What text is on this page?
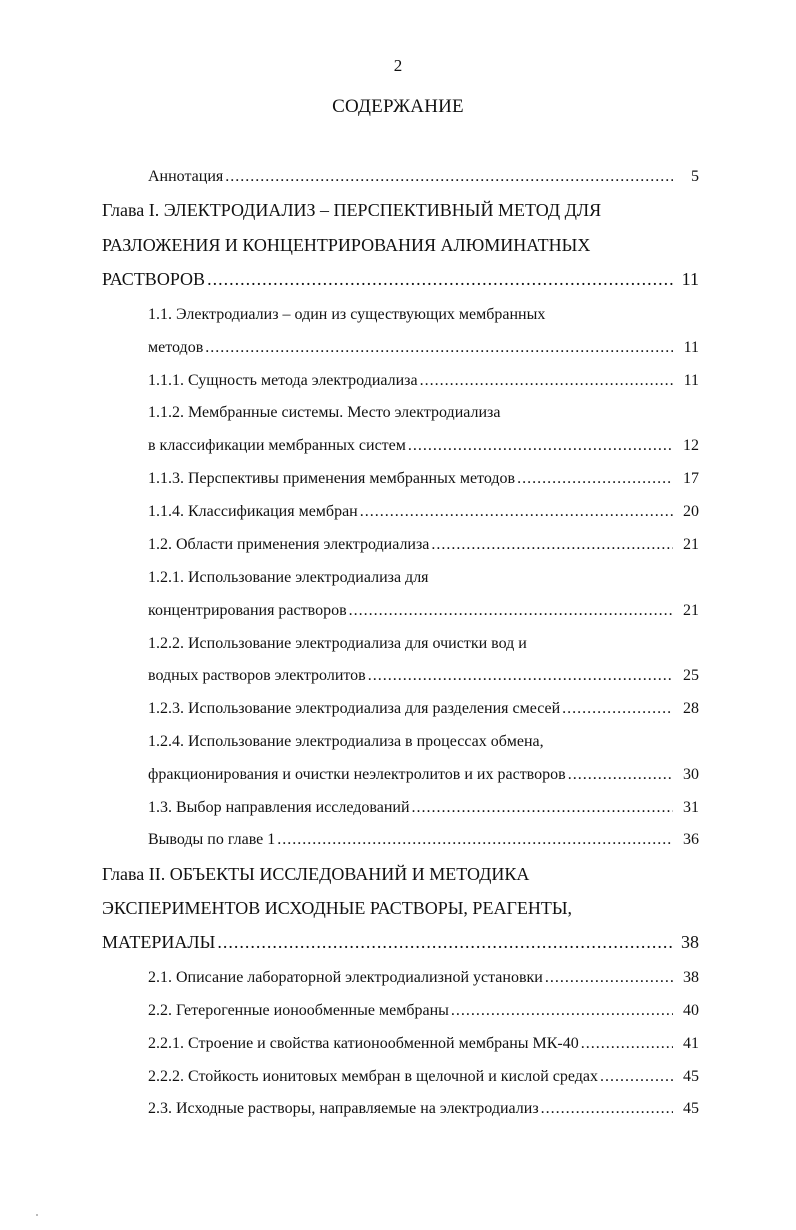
2
СОДЕРЖАНИЕ
Аннотация .....	5
Глава I. ЭЛЕКТРОДИАЛИЗ – ПЕРСПЕКТИВНЫЙ МЕТОД ДЛЯ
РАЗЛОЖЕНИЯ И КОНЦЕНТРИРОВАНИЯ АЛЮМИНАТНЫХ
РАСТВОРОВ .....	11
1.1. Электродиализ – один из существующих мембранных
методов .....	11
1.1.1. Сущность метода электродиализа .....	11
1.1.2. Мембранные системы. Место электродиализа
в классификации мембранных систем .....	12
1.1.3. Перспективы применения мембранных методов .....	17
1.1.4. Классификация мембран .....	20
1.2. Области применения электродиализа .....	21
1.2.1. Использование электродиализа для
концентрирования растворов .....	21
1.2.2. Использование электродиализа для очистки вод и
водных растворов электролитов .....	25
1.2.3. Использование электродиализа для разделения смесей .....	28
1.2.4. Использование электродиализа в процессах обмена,
фракционирования и очистки неэлектролитов и их растворов .....	30
1.3. Выбор направления исследований .....	31
Выводы по главе 1 .....	36
Глава II. ОБЪЕКТЫ ИССЛЕДОВАНИЙ И МЕТОДИКА
ЭКСПЕРИМЕНТОВ ИСХОДНЫЕ РАСТВОРЫ, РЕАГЕНТЫ,
МАТЕРИАЛЫ .....	38
2.1. Описание лабораторной электродиализной установки .....	38
2.2. Гетерогенные ионообменные мембраны .....	40
2.2.1. Строение и свойства катионообменной мембраны МК-40 .....	41
2.2.2. Стойкость ионитовых мембран в щелочной и кислой средах .....	45
2.3. Исходные растворы, направляемые на электродиализ .....	45
